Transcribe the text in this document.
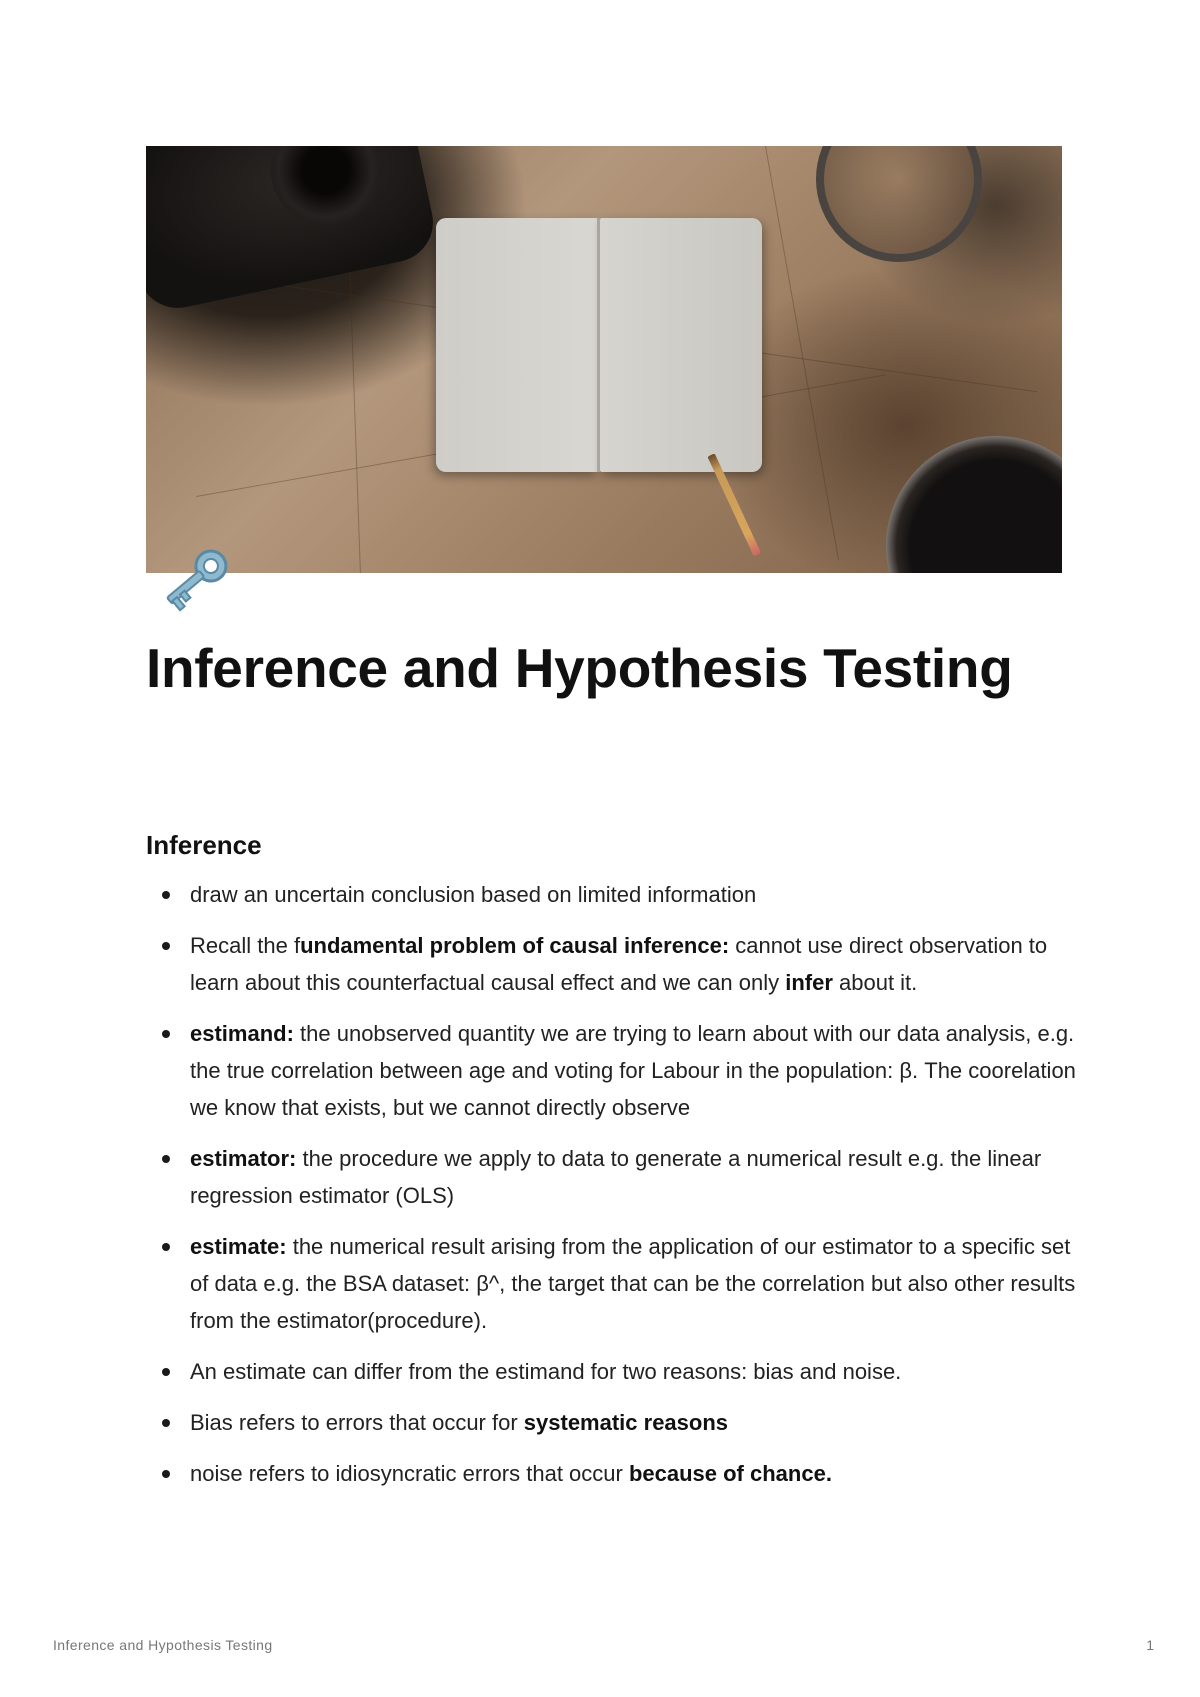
Inference and Hypothesis Testing
Inference
draw an uncertain conclusion based on limited information
Recall the fundamental problem of causal inference: cannot use direct observation to learn about this counterfactual causal effect and we can only infer about it.
estimand: the unobserved quantity we are trying to learn about with our data analysis, e.g. the true correlation between age and voting for Labour in the population: β. The coorelation we know that exists, but we cannot directly observe
estimator: the procedure we apply to data to generate a numerical result e.g. the linear regression estimator (OLS)
estimate: the numerical result arising from the application of our estimator to a specific set of data e.g. the BSA dataset: β^, the target that can be the correlation but also other results from the estimator(procedure).
An estimate can differ from the estimand for two reasons: bias and noise.
Bias refers to errors that occur for systematic reasons
noise refers to idiosyncratic errors that occur because of chance.
Inference and Hypothesis Testing	1
